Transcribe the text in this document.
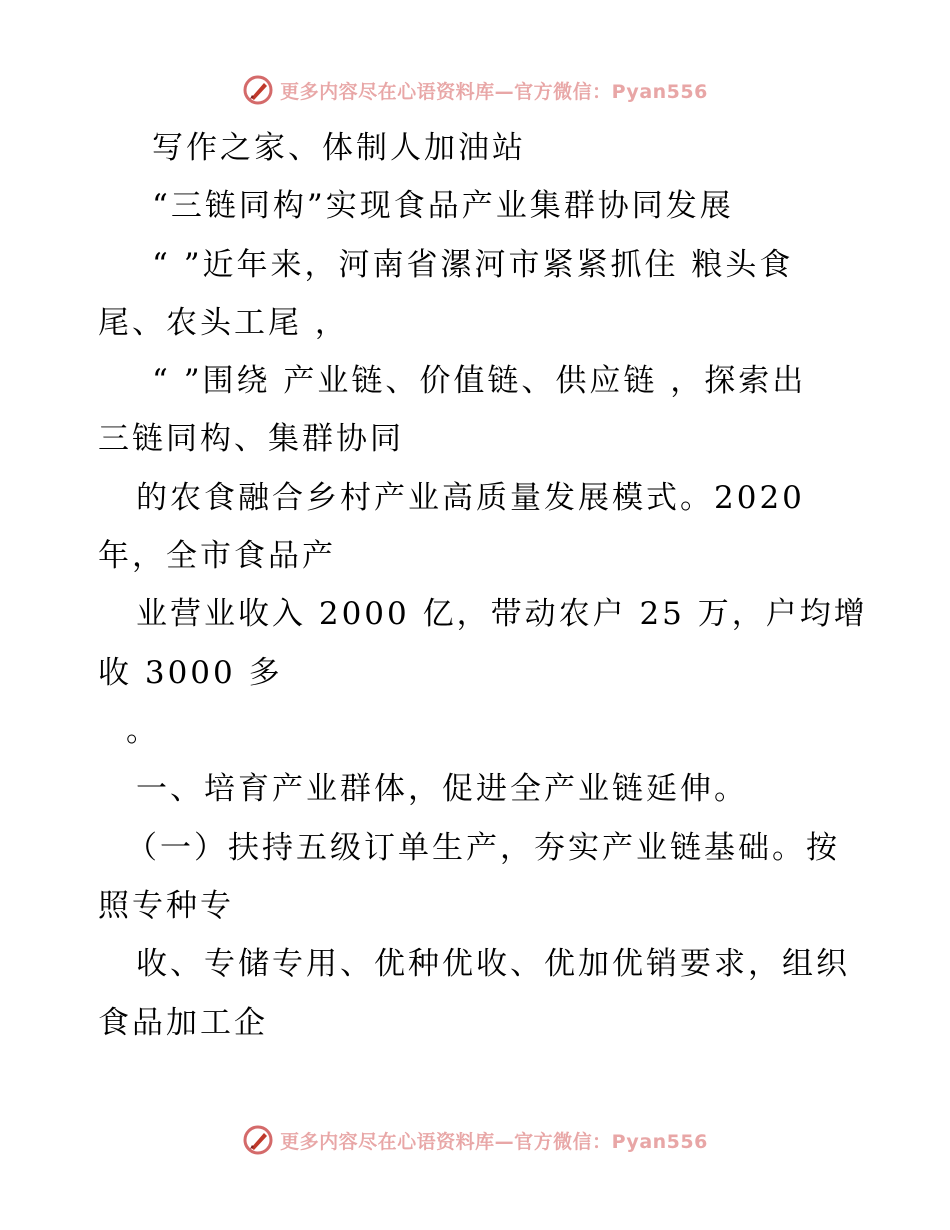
更多内容尽在心语资料库—官方微信：Pyan556
写作之家、体制人加油站
“三链同构”实现食品产业集群协同发展
“ ”近年来，河南省漯河市紧紧抓住 粮头食
尾、农头工尾 ，
“ ”围绕 产业链、价值链、供应链 ，探索出
三链同构、集群协同
的农食融合乡村产业高质量发展模式。2020
年，全市食品产
业营业收入 2000 亿，带动农户 25 万，户均增
收 3000 多
。
一、培育产业群体，促进全产业链延伸。
（一）扶持五级订单生产，夯实产业链基础。按
照专种专
收、专储专用、优种优收、优加优销要求，组织
食品加工企
更多内容尽在心语资料库—官方微信：Pyan556
